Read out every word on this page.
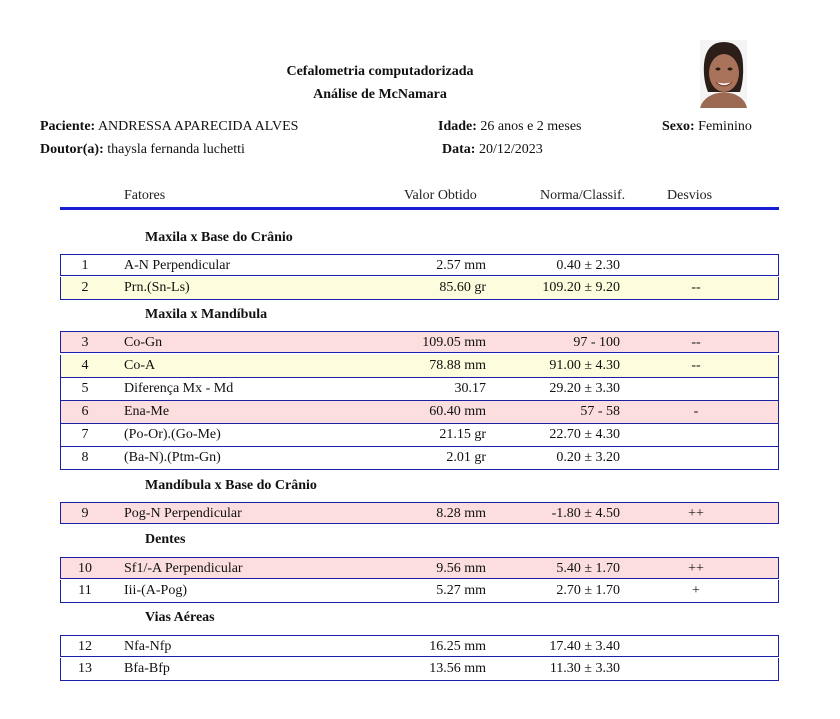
Cefalometria computadorizada
Análise de McNamara
Paciente: ANDRESSA APARECIDA ALVES	Idade: 26 anos e 2 meses	Sexo: Feminino
Doutor(a): thaysla fernanda luchetti	Data: 20/12/2023
Fatores	Valor Obtido	Norma/Classif.	Desvios
Maxila x Base do Crânio
Maxila x Mandíbula
Mandíbula x Base do Crânio
Dentes
Vias Aéreas
1	A-N Perpendicular	2.57 mm	0.40 ± 2.30
2	Prn.(Sn-Ls)	85.60 gr	109.20 ± 9.20	--
3	Co-Gn	109.05 mm	97 - 100	--
4	Co-A	78.88 mm	91.00 ± 4.30	--
5	Diferença Mx - Md	30.17	29.20 ± 3.30
6	Ena-Me	60.40 mm	57 - 58	-
7	(Po-Or).(Go-Me)	21.15 gr	22.70 ± 4.30
8	(Ba-N).(Ptm-Gn)	2.01 gr	0.20 ± 3.20
9	Pog-N Perpendicular	8.28 mm	-1.80 ± 4.50	++
10	Sf1/-A Perpendicular	9.56 mm	5.40 ± 1.70	++
11	Iii-(A-Pog)	5.27 mm	2.70 ± 1.70	+
12	Nfa-Nfp	16.25 mm	17.40 ± 3.40
13	Bfa-Bfp	13.56 mm	11.30 ± 3.30
